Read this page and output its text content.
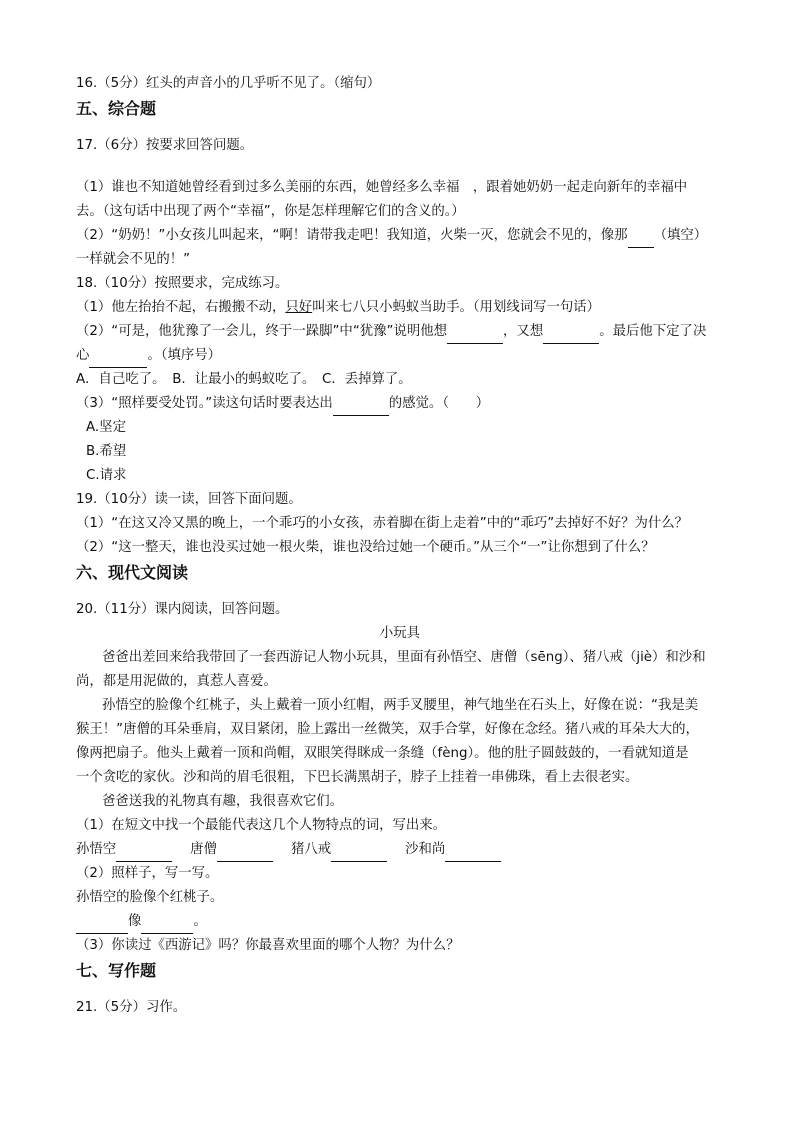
16.（5分）红头的声音小的几乎听不见了。（缩句）

五、综合题

17.（6分）按要求回答问题。

（1）谁也不知道她曾经看到过多么美丽的东西，她曾经多么幸福　，跟着她奶奶一起走向新年的幸福中

去。（这句话中出现了两个“幸福”，你是怎样理解它们的含义的。）

（2）“奶奶！”小女孩儿叫起来，“啊！请带我走吧！我知道，火柴一灭，您就会不见的，像那 （填空）

一样就会不见的！”

18.（10分）按照要求，完成练习。

（1）他左抬抬不起，右搬搬不动，只好叫来七八只小蚂蚁当助手。（用划线词写一句话）

（2）“可是，他犹豫了一会儿，终于一跺脚”中“犹豫”说明他想	，又想	。最后他下定了决

心	。（填序号）

A．自己吃了。　B．让最小的蚂蚁吃了。　C．丢掉算了。

（3）“照样要受处罚。”读这句话时要表达出	的感觉。（　　）

A.坚定

B.希望

C.请求

19.（10分）读一读，回答下面问题。

（1）“在这又冷又黑的晚上，一个乖巧的小女孩，赤着脚在街上走着”中的“乖巧”去掉好不好？为什么？

（2）“这一整天，谁也没买过她一根火柴，谁也没给过她一个硬币。”从三个“一”让你想到了什么？

六、现代文阅读

20.（11分）课内阅读，回答问题。

小玩具

爸爸出差回来给我带回了一套西游记人物小玩具，里面有孙悟空、唐僧（sēng）、猪八戒（jiè）和沙和

尚，都是用泥做的，真惹人喜爱。

孙悟空的脸像个红桃子，头上戴着一顶小红帽，两手叉腰里，神气地坐在石头上，好像在说：“我是美

猴王！”唐僧的耳朵垂肩，双目紧闭，脸上露出一丝微笑，双手合掌，好像在念经。猪八戒的耳朵大大的，

像两把扇子。他头上戴着一顶和尚帽，双眼笑得眯成一条缝（fèng）。他的肚子圆鼓鼓的，一看就知道是

一个贪吃的家伙。沙和尚的眉毛很粗，下巴长满黑胡子，脖子上挂着一串佛珠，看上去很老实。

爸爸送我的礼物真有趣，我很喜欢它们。

（1）在短文中找一个最能代表这几个人物特点的词，写出来。

孙悟空	唐僧	猪八戒	沙和尚

（2）照样子，写一写。

孙悟空的脸像个红桃子。

像	。

（3）你读过《西游记》吗？你最喜欢里面的哪个人物？为什么？

七、写作题

21.（5分）习作。
